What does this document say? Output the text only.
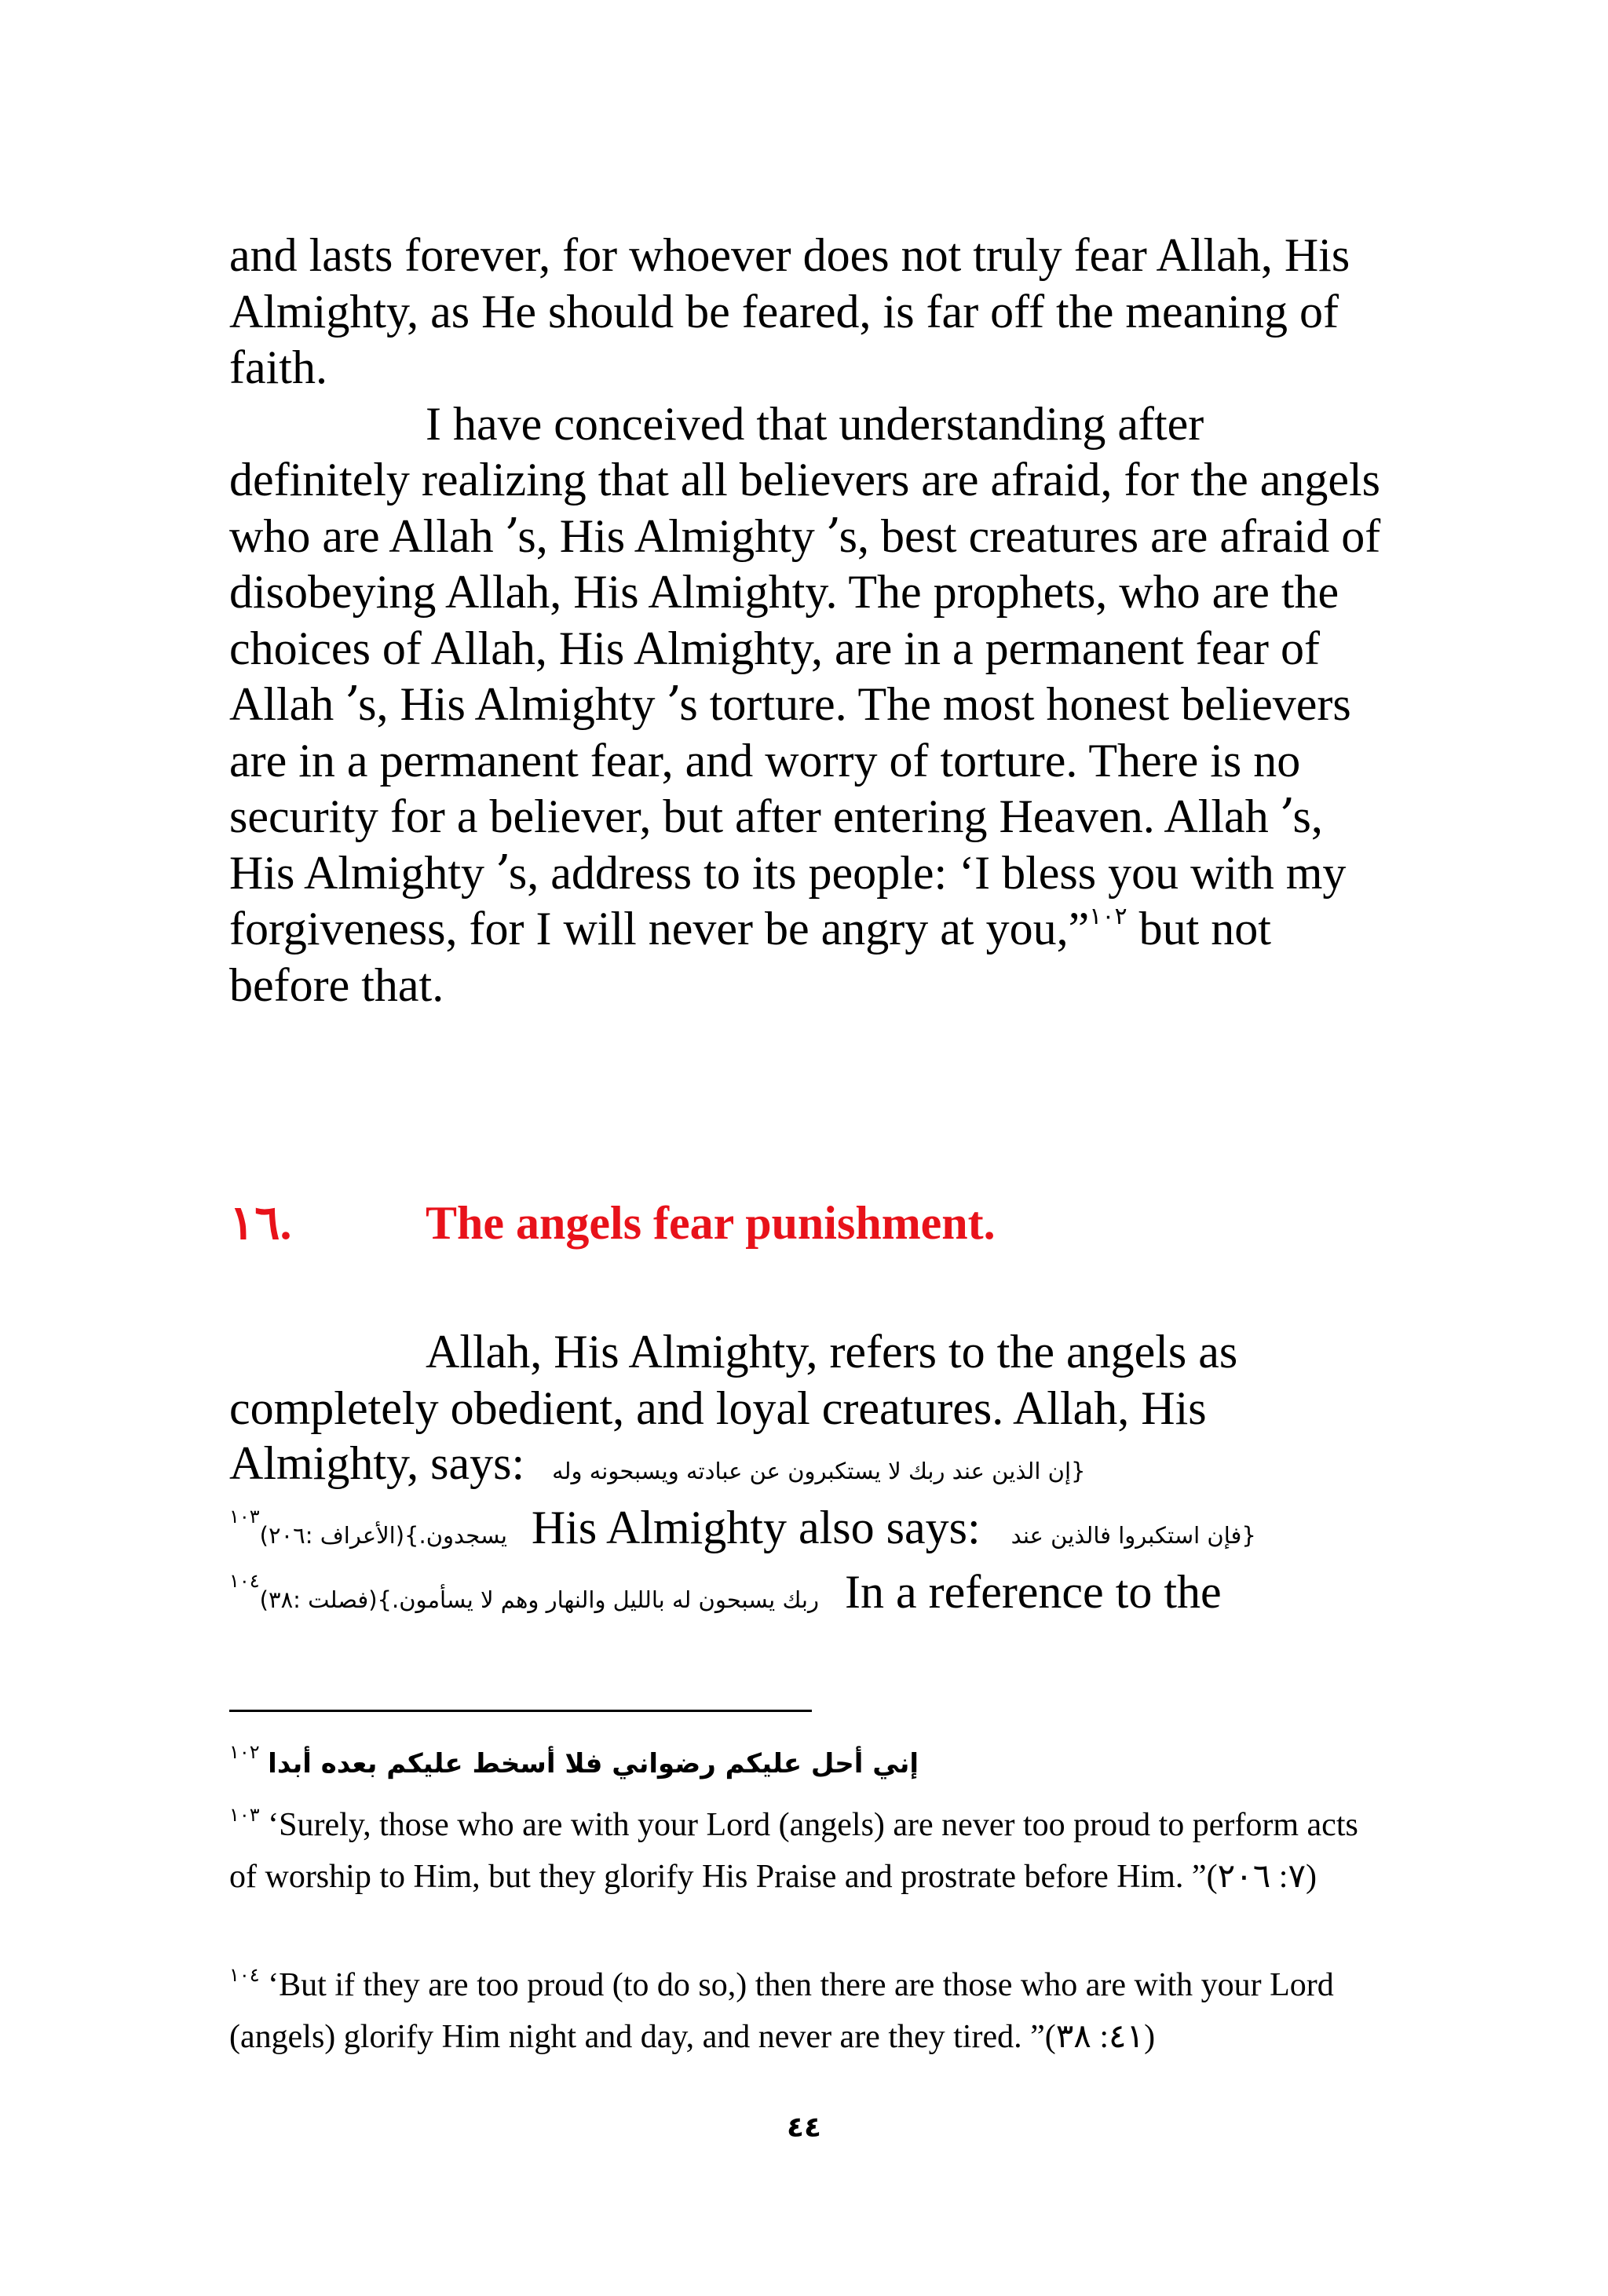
and lasts forever, for whoever does not truly fear Allah, His Almighty, as He should be feared, is far off the meaning of faith.

I have conceived that understanding after definitely realizing that all believers are afraid, for the angels who are Allah ՚s, His Almighty ՚s, best creatures are afraid of disobeying Allah, His Almighty. The prophets, who are the choices of Allah, His Almighty, are in a permanent fear of Allah ՚s, His Almighty ՚s torture. The most honest believers are in a permanent fear, and worry of torture. There is no security for a believer, but after entering Heaven. Allah ՚s, His Almighty ՚s, address to its people: ‘I bless you with my forgiveness, for I will never be angry at you,”$^{١٠٢}$ but not before that.

١٦.	The angels fear punishment.

Allah, His Almighty, refers to the angels as completely obedient, and loyal creatures. Allah, His

Almighty, says: {إن الذين عند ربك لا يستكبرون عن عبادته ويسبحونه وله
$^{١٠٣}$يسجدون.}(الأعراف :٢٠٦) His Almighty also says: {فإن استكبروا فالذين عند
$^{١٠٤}$ربك يسبحون له بالليل والنهار وهم لا يسأمون.}(فصلت :٣٨) In a reference to the
$^{١٠٢}$ إني أحل عليكم رضواني فلا أسخط عليكم بعده أبدا
$^{١٠٣}$ ‘Surely, those who are with your Lord (angels) are never too proud to perform acts of worship to Him, but they glorify His Praise and prostrate before Him. ”(٧: ٢٠٦)
$^{١٠٤}$ ‘But if they are too proud (to do so,) then there are those who are with your Lord (angels) glorify Him night and day, and never are they tired. ”(٤١: ٣٨)
٤٤
